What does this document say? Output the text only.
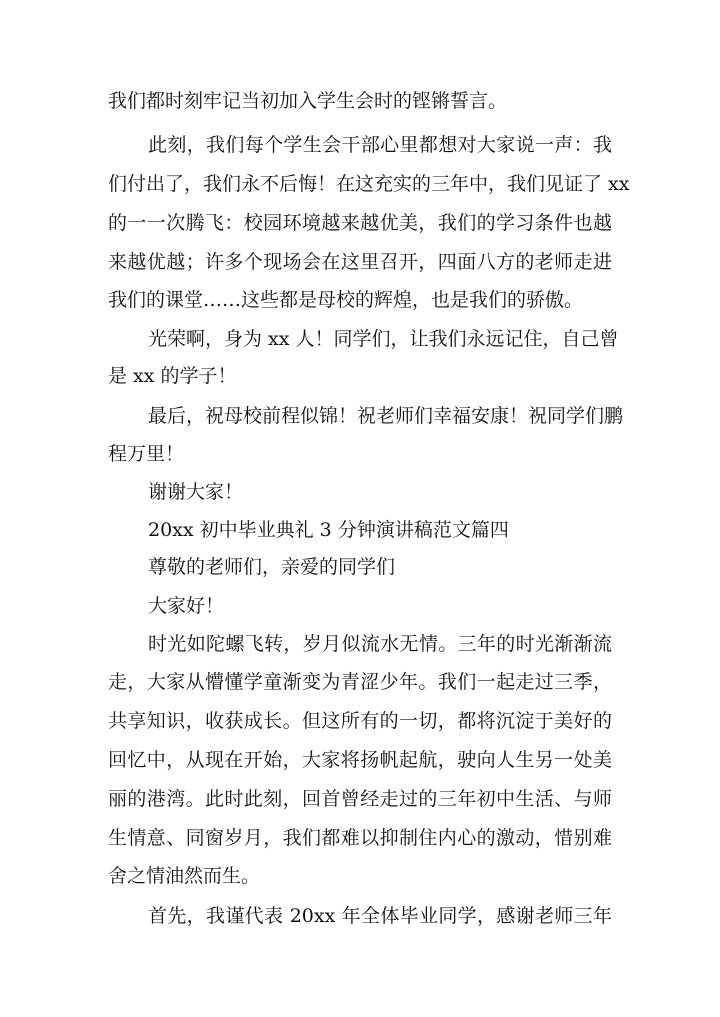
我们都时刻牢记当初加入学生会时的铿锵誓言。
此刻，我们每个学生会干部心里都想对大家说一声：我
们付出了，我们永不后悔！在这充实的三年中，我们见证了 xx
的一一次腾飞：校园环境越来越优美，我们的学习条件也越
来越优越；许多个现场会在这里召开，四面八方的老师走进
我们的课堂……这些都是母校的辉煌，也是我们的骄傲。
光荣啊，身为 xx 人！同学们，让我们永远记住，自己曾
是 xx 的学子！
最后，祝母校前程似锦！祝老师们幸福安康！祝同学们鹏
程万里！
谢谢大家！
20xx 初中毕业典礼 3 分钟演讲稿范文篇四
尊敬的老师们，亲爱的同学们
大家好！
时光如陀螺飞转，岁月似流水无情。三年的时光渐渐流
走，大家从懵懂学童渐变为青涩少年。我们一起走过三季，
共享知识，收获成长。但这所有的一切，都将沉淀于美好的
回忆中，从现在开始，大家将扬帆起航，驶向人生另一处美
丽的港湾。此时此刻，回首曾经走过的三年初中生活、与师
生情意、同窗岁月，我们都难以抑制住内心的激动，惜别难
舍之情油然而生。
首先，我谨代表 20xx 年全体毕业同学，感谢老师三年
